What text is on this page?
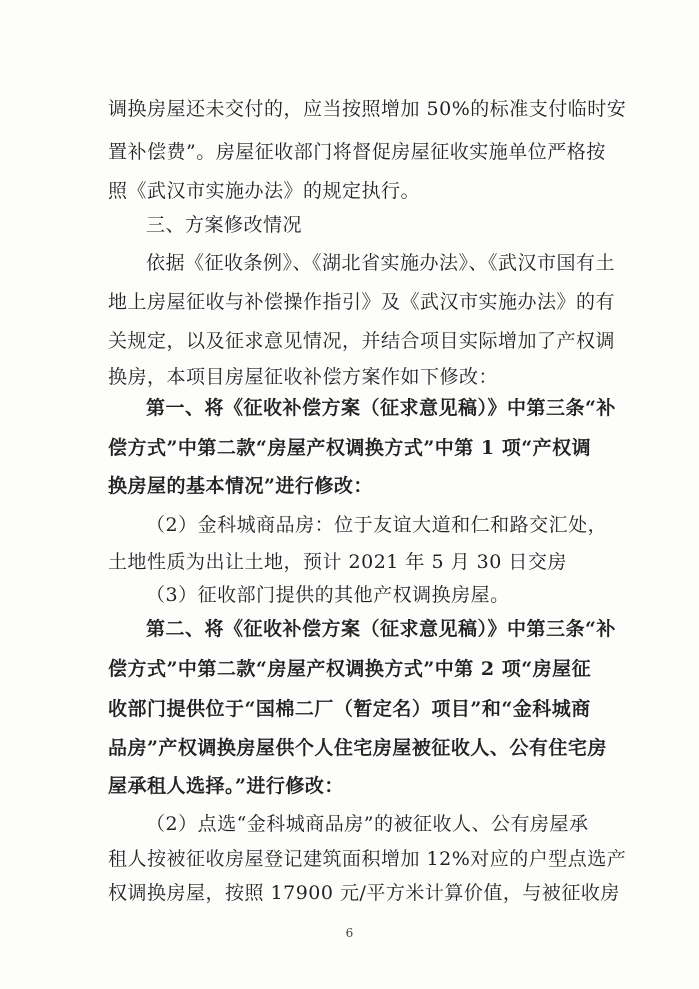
调换房屋还未交付的，应当按照增加 50%的标准支付临时安
置补偿费”。房屋征收部门将督促房屋征收实施单位严格按
照《武汉市实施办法》的规定执行。
三、方案修改情况
依据《征收条例》、《湖北省实施办法》、《武汉市国有土
地上房屋征收与补偿操作指引》及《武汉市实施办法》的有
关规定，以及征求意见情况，并结合项目实际增加了产权调
换房，本项目房屋征收补偿方案作如下修改：
第一、将《征收补偿方案（征求意见稿）》中第三条“补
偿方式”中第二款“房屋产权调换方式”中第 1 项“产权调
换房屋的基本情况”进行修改：
（2）金科城商品房：位于友谊大道和仁和路交汇处，
土地性质为出让土地，预计 2021 年 5 月 30 日交房
（3）征收部门提供的其他产权调换房屋。
第二、将《征收补偿方案（征求意见稿）》中第三条“补
偿方式”中第二款“房屋产权调换方式”中第 2 项“房屋征
收部门提供位于“国棉二厂（暂定名）项目”和“金科城商
品房”产权调换房屋供个人住宅房屋被征收人、公有住宅房
屋承租人选择。”进行修改：
（2）点选“金科城商品房”的被征收人、公有房屋承
租人按被征收房屋登记建筑面积增加 12%对应的户型点选产
权调换房屋，按照 17900 元/平方米计算价值，与被征收房
6
